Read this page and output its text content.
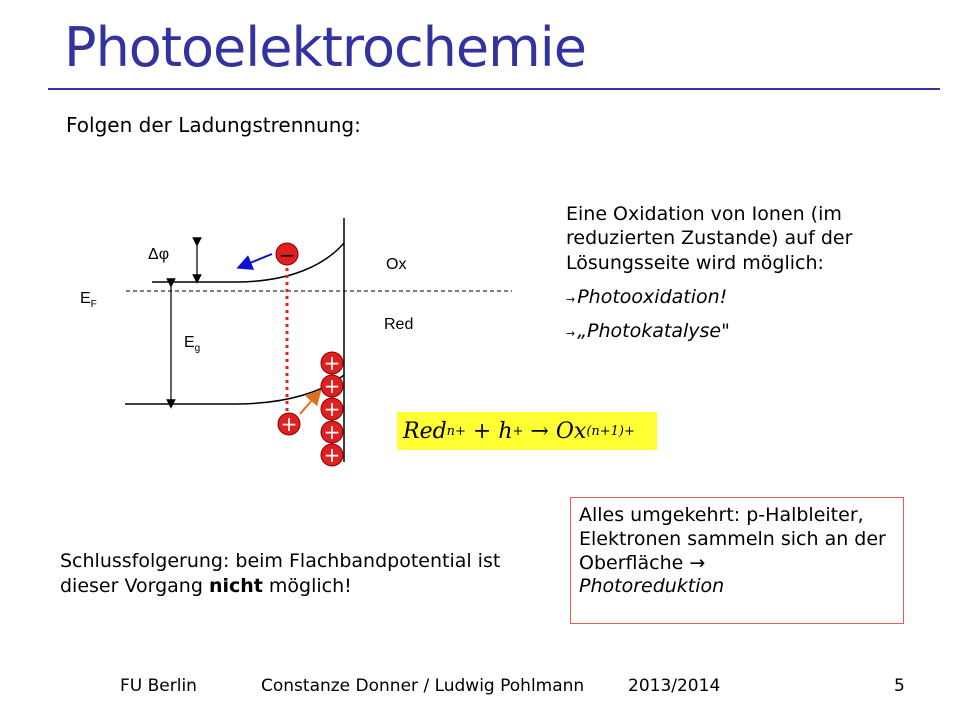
Photoelektrochemie
Folgen der Ladungstrennung:
−
+
+
+
+
+
+
Δφ
$E_F$
$E_g$
Ox
Red
Eine Oxidation von Ionen (im reduzierten Zustande) auf der Lösungsseite wird möglich:
→ Photooxidation!
→ „Photokatalyse"
Red n+ + h + → Ox (n+1)+
Alles umgekehrt: p-Halbleiter, Elektronen sammeln sich an der Oberfläche →
Photoreduktion
Schlussfolgerung: beim Flachbandpotential ist dieser Vorgang nicht möglich!
FU Berlin	Constanze Donner / Ludwig Pohlmann	2013/2014	5
